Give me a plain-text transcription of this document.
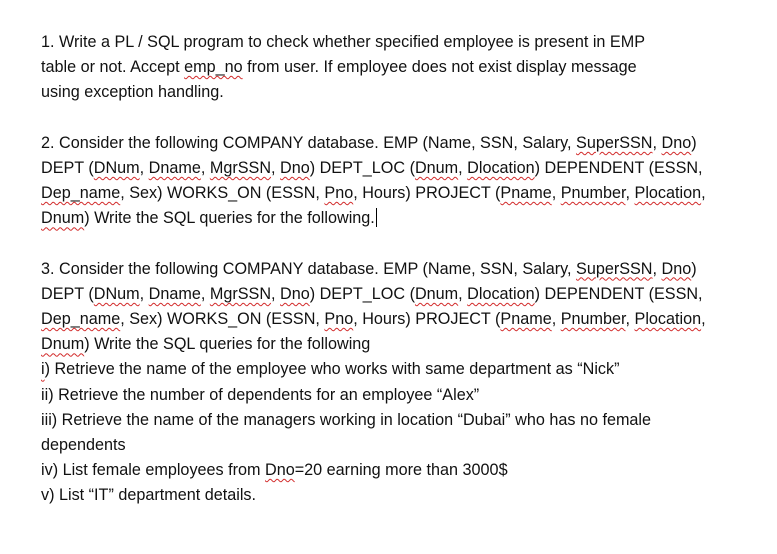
1. Write a PL / SQL program to check whether specified employee is present in EMP
table or not. Accept emp_no from user. If employee does not exist display message
using exception handling.
2. Consider the following COMPANY database. EMP (Name, SSN, Salary, SuperSSN, Dno)
DEPT (DNum, Dname, MgrSSN, Dno) DEPT_LOC (Dnum, Dlocation) DEPENDENT (ESSN,
Dep_name, Sex) WORKS_ON (ESSN, Pno, Hours) PROJECT (Pname, Pnumber, Plocation,
Dnum) Write the SQL queries for the following.
3. Consider the following COMPANY database. EMP (Name, SSN, Salary, SuperSSN, Dno)
DEPT (DNum, Dname, MgrSSN, Dno) DEPT_LOC (Dnum, Dlocation) DEPENDENT (ESSN,
Dep_name, Sex) WORKS_ON (ESSN, Pno, Hours) PROJECT (Pname, Pnumber, Plocation,
Dnum) Write the SQL queries for the following
i) Retrieve the name of the employee who works with same department as “Nick”
ii) Retrieve the number of dependents for an employee “Alex”
iii) Retrieve the name of the managers working in location “Dubai” who has no female
dependents
iv) List female employees from Dno=20 earning more than 3000$
v) List “IT” department details.
